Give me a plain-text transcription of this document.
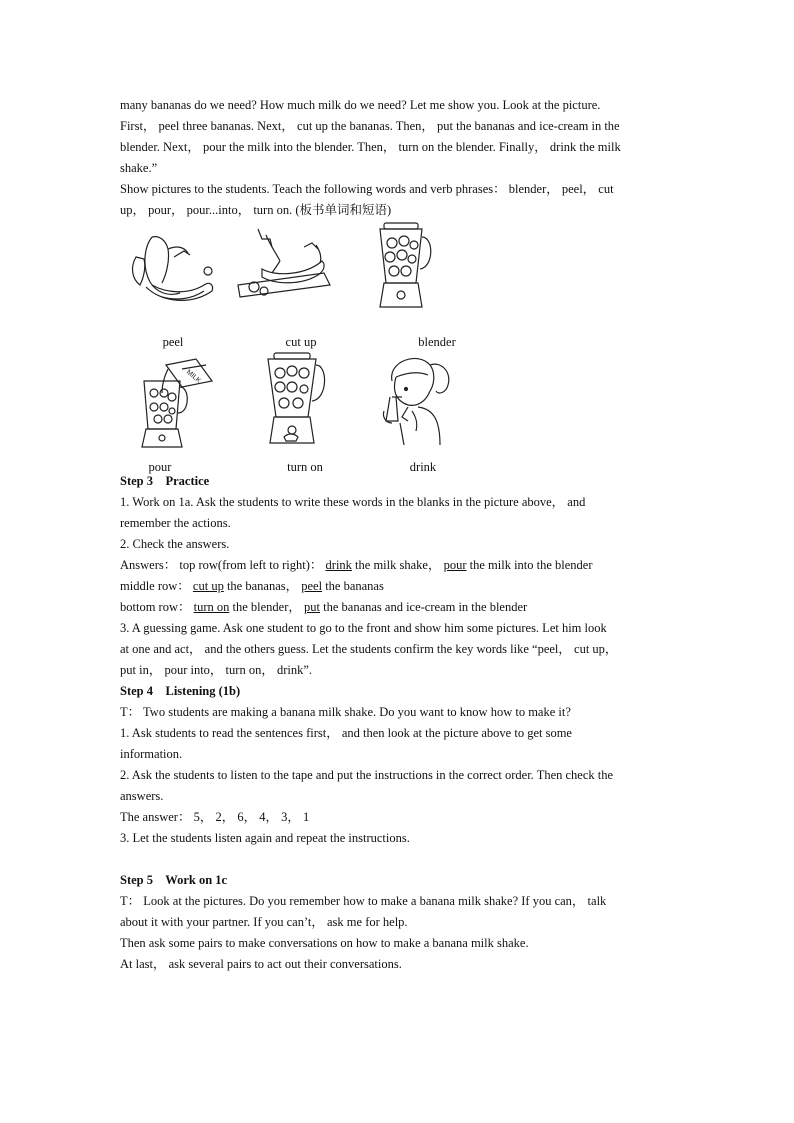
many bananas do we need? How much milk do we need? Let me show you. Look at the picture.

First， peel three bananas. Next， cut up the bananas. Then， put the bananas and ice-cream in the

blender. Next， pour the milk into the blender. Then， turn on the blender. Finally， drink the milk

shake.”

Show pictures to the students. Teach the following words and verb phrases： blender， peel， cut

up， pour， pour...into， turn on. (板书单词和短语)

peel	cut up	blender
MILK
pour	turn on	drink

Step 3    Practice

1. Work on 1a. Ask the students to write these words in the blanks in the picture above， and

remember the actions.

2. Check the answers.

Answers： top row(from left to right)： drink the milk shake， pour the milk into the blender

middle row： cut up the bananas， peel the bananas

bottom row： turn on the blender， put the bananas and ice-cream in the blender

3. A guessing game. Ask one student to go to the front and show him some pictures. Let him look

at one and act， and the others guess. Let the students confirm the key words like “peel， cut up，

put in， pour into， turn on， drink”.

Step 4    Listening (1b)

T： Two students are making a banana milk shake. Do you want to know how to make it?

1. Ask students to read the sentences first， and then look at the picture above to get some

information.

2. Ask the students to listen to the tape and put the instructions in the correct order. Then check the

answers.

The answer： 5， 2， 6， 4， 3， 1

3. Let the students listen again and repeat the instructions.

Step 5    Work on 1c

T： Look at the pictures. Do you remember how to make a banana milk shake? If you can， talk

about it with your partner. If you can’t， ask me for help.

Then ask some pairs to make conversations on how to make a banana milk shake.

At last， ask several pairs to act out their conversations.
